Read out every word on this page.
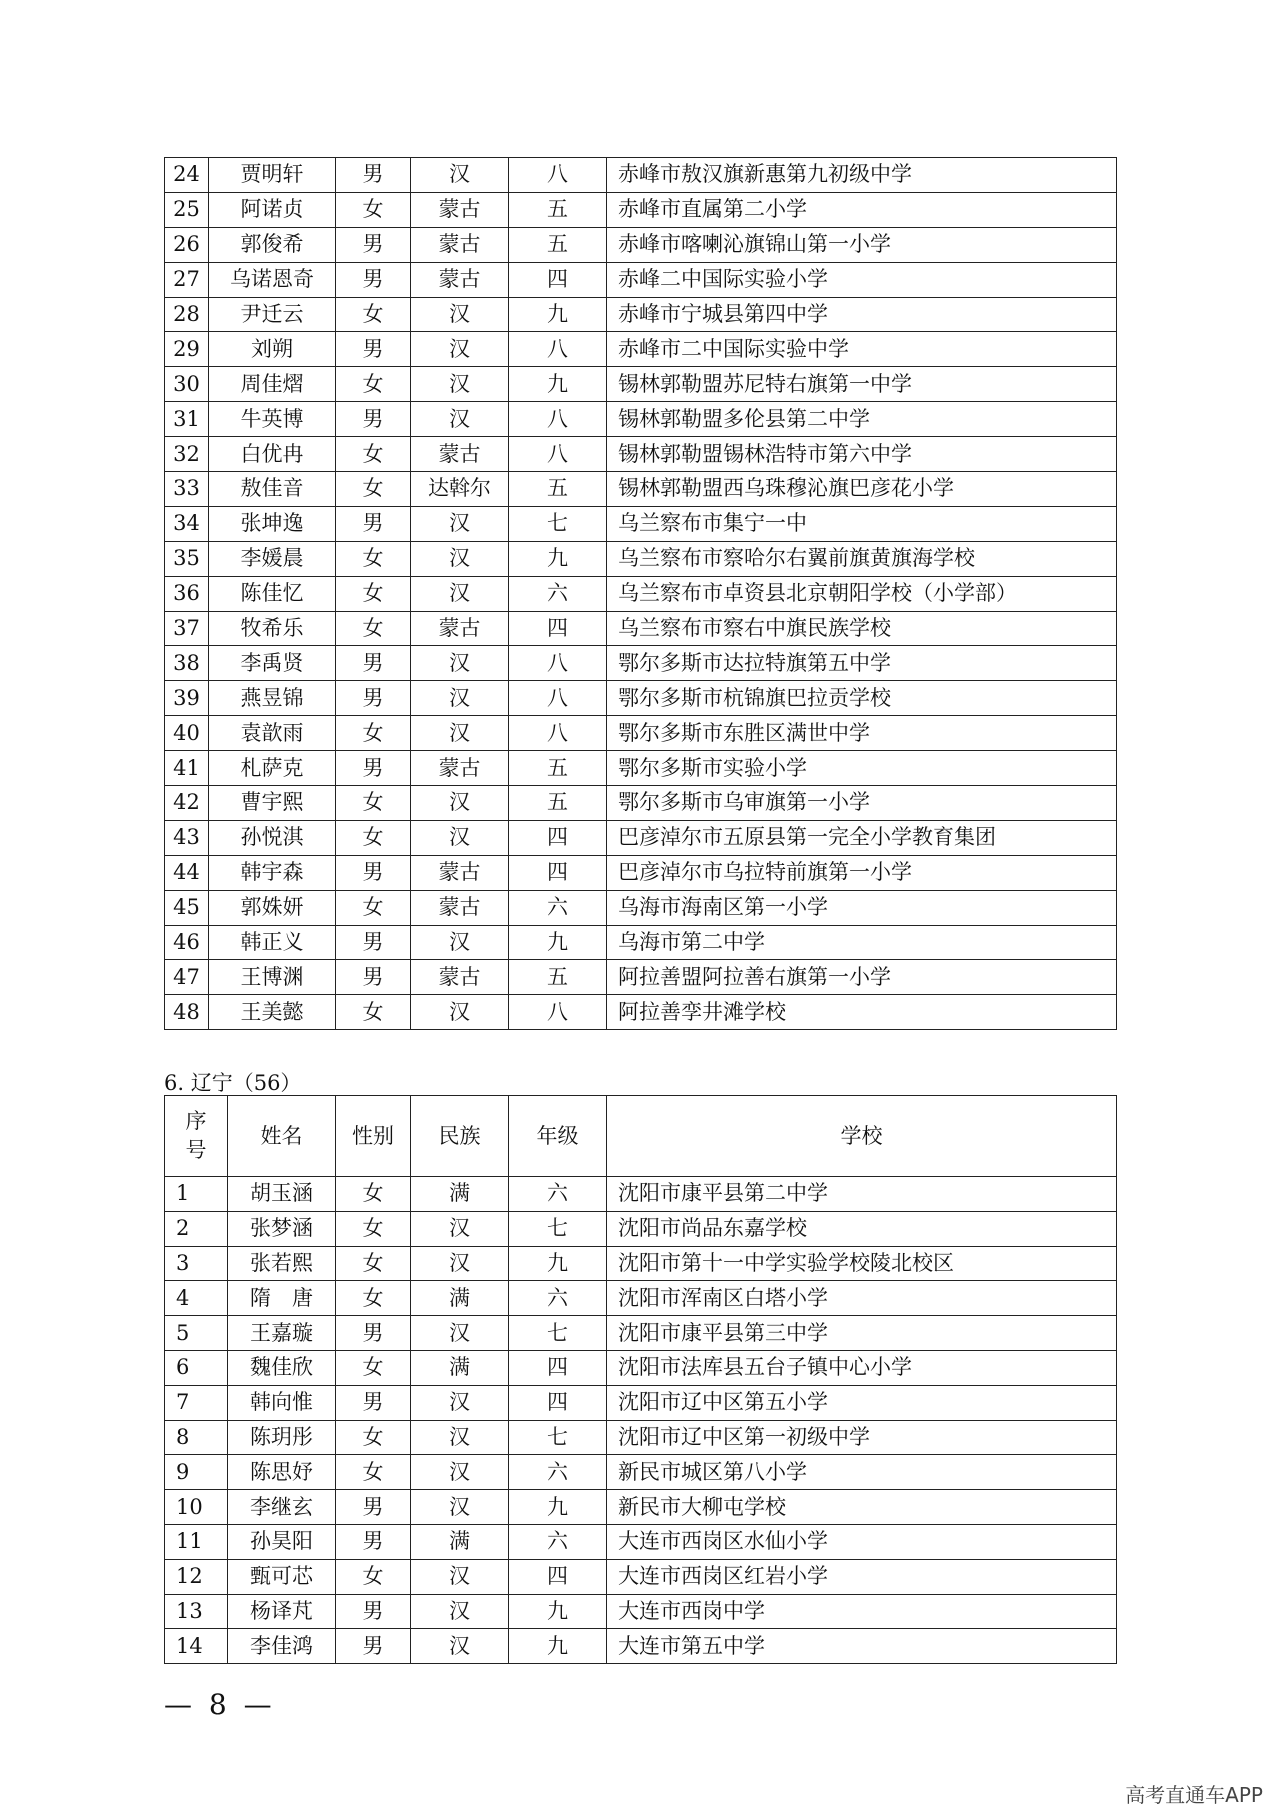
24	贾明轩	男	汉	八	赤峰市敖汉旗新惠第九初级中学
25	阿诺贞	女	蒙古	五	赤峰市直属第二小学
26	郭俊希	男	蒙古	五	赤峰市喀喇沁旗锦山第一小学
27	乌诺恩奇	男	蒙古	四	赤峰二中国际实验小学
28	尹迁云	女	汉	九	赤峰市宁城县第四中学
29	刘朔	男	汉	八	赤峰市二中国际实验中学
30	周佳熠	女	汉	九	锡林郭勒盟苏尼特右旗第一中学
31	牛英博	男	汉	八	锡林郭勒盟多伦县第二中学
32	白优冉	女	蒙古	八	锡林郭勒盟锡林浩特市第六中学
33	敖佳音	女	达斡尔	五	锡林郭勒盟西乌珠穆沁旗巴彦花小学
34	张坤逸	男	汉	七	乌兰察布市集宁一中
35	李媛晨	女	汉	九	乌兰察布市察哈尔右翼前旗黄旗海学校
36	陈佳忆	女	汉	六	乌兰察布市卓资县北京朝阳学校（小学部）
37	牧希乐	女	蒙古	四	乌兰察布市察右中旗民族学校
38	李禹贤	男	汉	八	鄂尔多斯市达拉特旗第五中学
39	燕昱锦	男	汉	八	鄂尔多斯市杭锦旗巴拉贡学校
40	袁歆雨	女	汉	八	鄂尔多斯市东胜区满世中学
41	札萨克	男	蒙古	五	鄂尔多斯市实验小学
42	曹宇熙	女	汉	五	鄂尔多斯市乌审旗第一小学
43	孙悦淇	女	汉	四	巴彦淖尔市五原县第一完全小学教育集团
44	韩宇森	男	蒙古	四	巴彦淖尔市乌拉特前旗第一小学
45	郭姝妍	女	蒙古	六	乌海市海南区第一小学
46	韩正义	男	汉	九	乌海市第二中学
47	王博渊	男	蒙古	五	阿拉善盟阿拉善右旗第一小学
48	王美懿	女	汉	八	阿拉善孪井滩学校
6. 辽宁（56）
序
号	姓名	性别	民族	年级	学校
1	胡玉涵	女	满	六	沈阳市康平县第二中学
2	张梦涵	女	汉	七	沈阳市尚品东嘉学校
3	张若熙	女	汉	九	沈阳市第十一中学实验学校陵北校区
4	隋　唐	女	满	六	沈阳市浑南区白塔小学
5	王嘉璇	男	汉	七	沈阳市康平县第三中学
6	魏佳欣	女	满	四	沈阳市法库县五台子镇中心小学
7	韩向惟	男	汉	四	沈阳市辽中区第五小学
8	陈玥彤	女	汉	七	沈阳市辽中区第一初级中学
9	陈思妤	女	汉	六	新民市城区第八小学
10	李继玄	男	汉	九	新民市大柳屯学校
11	孙昊阳	男	满	六	大连市西岗区水仙小学
12	甄可芯	女	汉	四	大连市西岗区红岩小学
13	杨译芃	男	汉	九	大连市西岗中学
14	李佳鸿	男	汉	九	大连市第五中学
— 8 —
高考直通车APP
